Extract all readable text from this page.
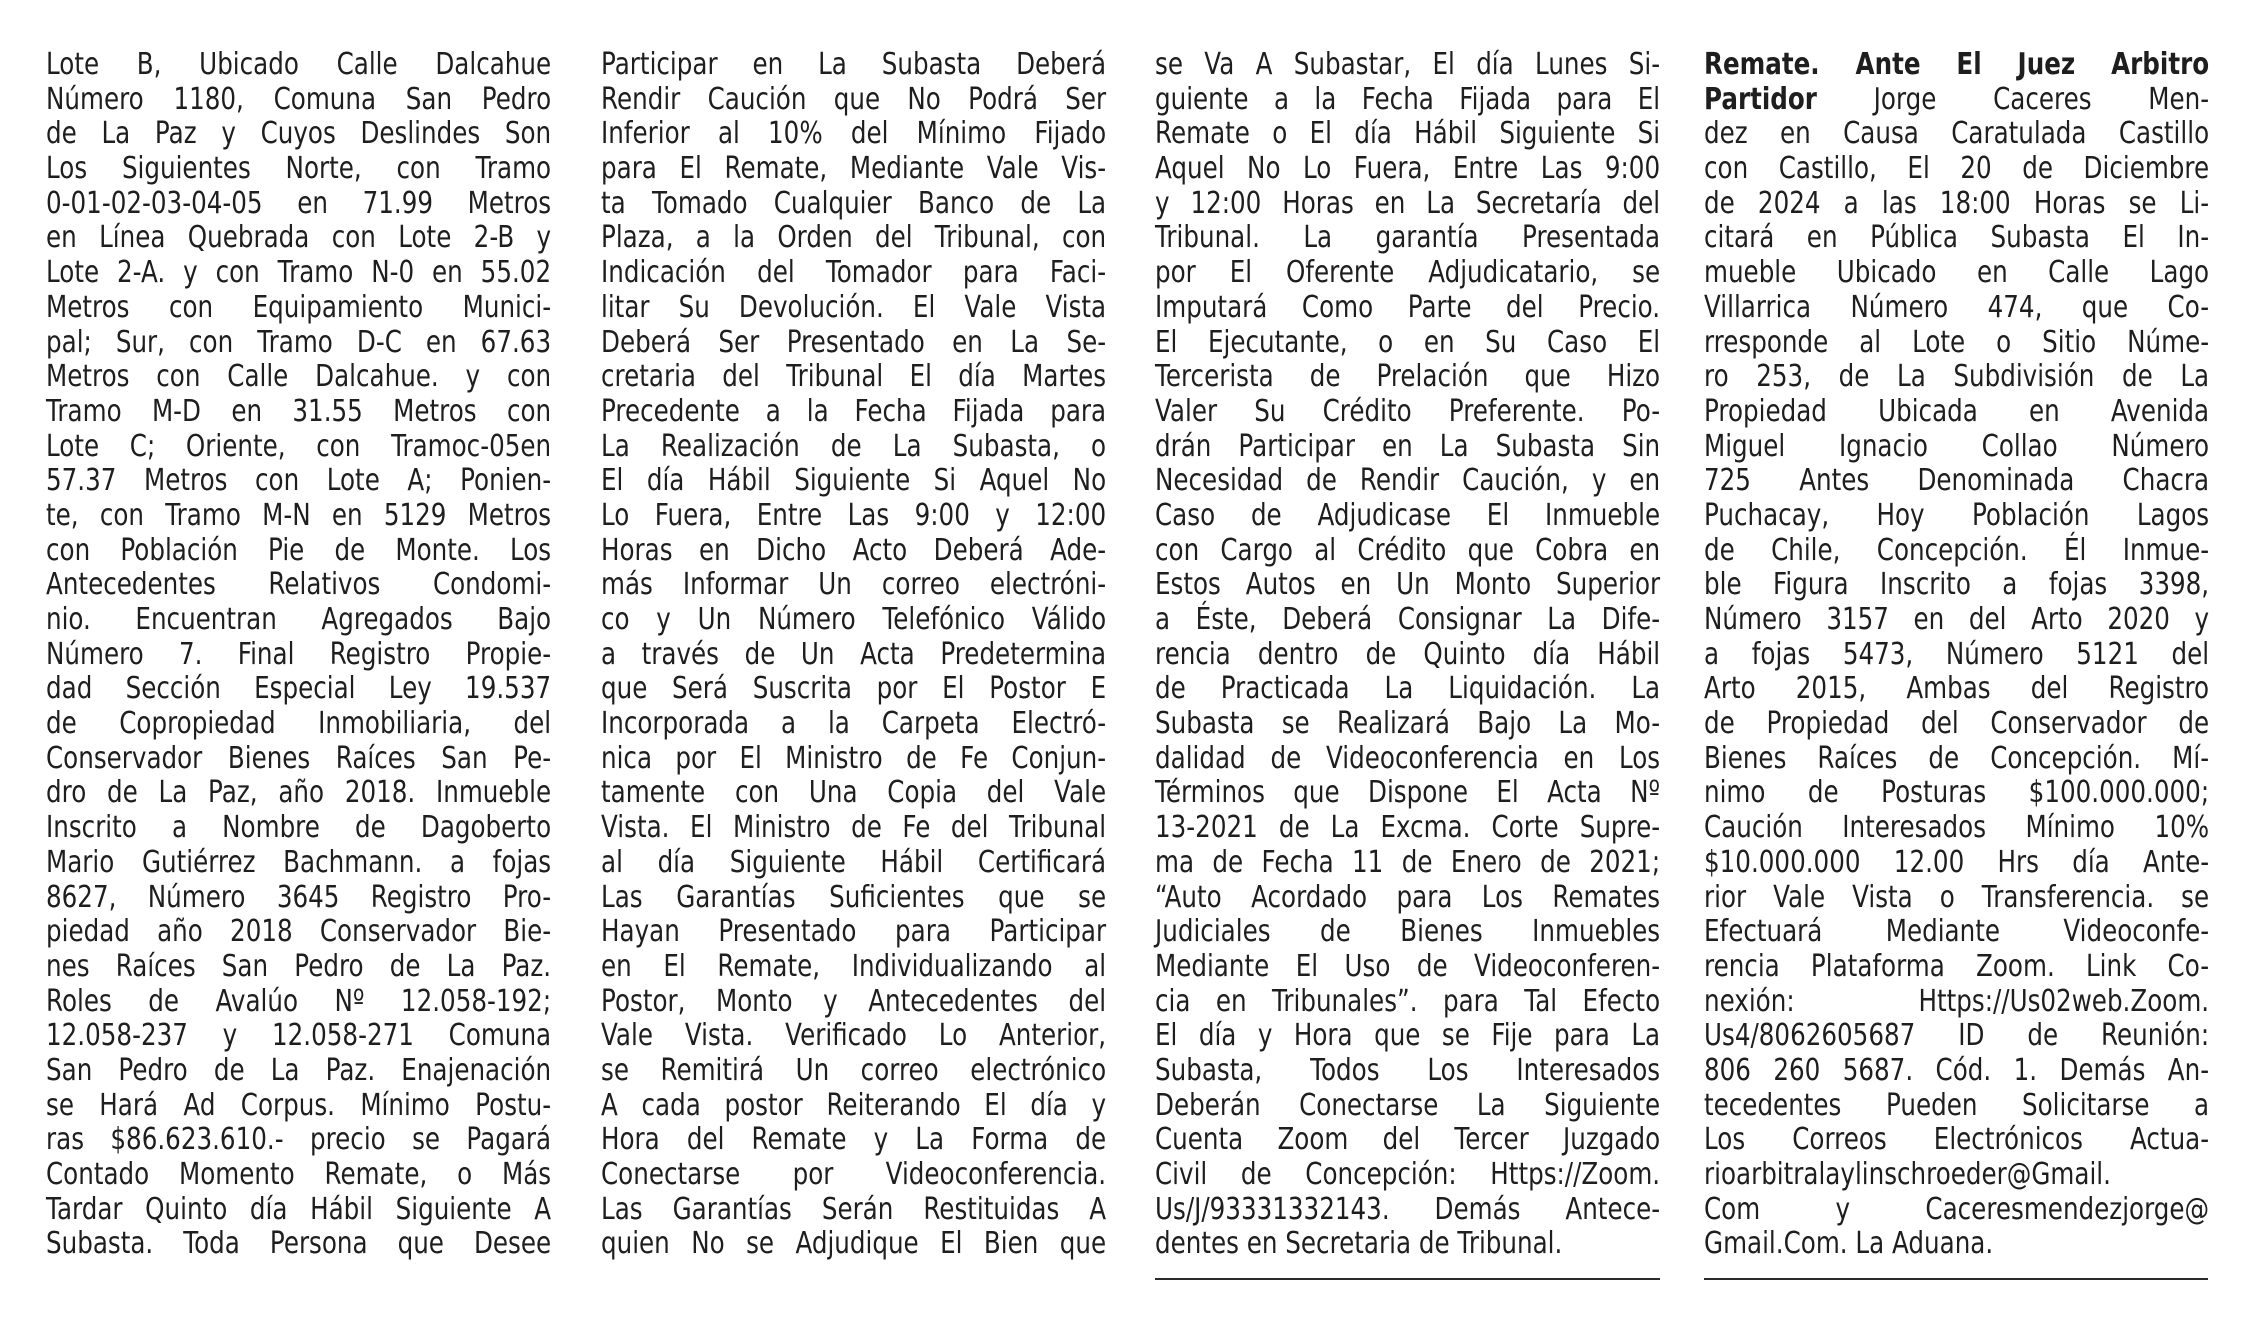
Lote B, Ubicado Calle Dalcahue
Número 1180, Comuna San Pedro
de La Paz y Cuyos Deslindes Son
Los Siguientes Norte, con Tramo
0-01-02-03-04-05 en 71.99 Metros
en Línea Quebrada con Lote 2-B y
Lote 2-A. y con Tramo N-0 en 55.02
Metros con Equipamiento Munici-
pal; Sur, con Tramo D-C en 67.63
Metros con Calle Dalcahue. y con
Tramo M-D en 31.55 Metros con
Lote C; Oriente, con Tramoc-05en
57.37 Metros con Lote A; Ponien-
te, con Tramo M-N en 5129 Metros
con Población Pie de Monte. Los
Antecedentes Relativos Condomi-
nio. Encuentran Agregados Bajo
Número 7. Final Registro Propie-
dad Sección Especial Ley 19.537
de Copropiedad Inmobiliaria, del
Conservador Bienes Raíces San Pe-
dro de La Paz, año 2018. Inmueble
Inscrito a Nombre de Dagoberto
Mario Gutiérrez Bachmann. a fojas
8627, Número 3645 Registro Pro-
piedad año 2018 Conservador Bie-
nes Raíces San Pedro de La Paz.
Roles de Avalúo Nº 12.058-192;
12.058-237 y 12.058-271 Comuna
San Pedro de La Paz. Enajenación
se Hará Ad Corpus. Mínimo Postu-
ras $86.623.610.- precio se Pagará
Contado Momento Remate, o Más
Tardar Quinto día Hábil Siguiente A
Subasta. Toda Persona que Desee
Participar en La Subasta Deberá
Rendir Caución que No Podrá Ser
Inferior al 10% del Mínimo Fijado
para El Remate, Mediante Vale Vis-
ta Tomado Cualquier Banco de La
Plaza, a la Orden del Tribunal, con
Indicación del Tomador para Faci-
litar Su Devolución. El Vale Vista
Deberá Ser Presentado en La Se-
cretaria del Tribunal El día Martes
Precedente a la Fecha Fijada para
La Realización de La Subasta, o
El día Hábil Siguiente Si Aquel No
Lo Fuera, Entre Las 9:00 y 12:00
Horas en Dicho Acto Deberá Ade-
más Informar Un correo electróni-
co y Un Número Telefónico Válido
a través de Un Acta Predetermina
que Será Suscrita por El Postor E
Incorporada a la Carpeta Electró-
nica por El Ministro de Fe Conjun-
tamente con Una Copia del Vale
Vista. El Ministro de Fe del Tribunal
al día Siguiente Hábil Certificará
Las Garantías Suficientes que se
Hayan Presentado para Participar
en El Remate, Individualizando al
Postor, Monto y Antecedentes del
Vale Vista. Verificado Lo Anterior,
se Remitirá Un correo electrónico
A cada postor Reiterando El día y
Hora del Remate y La Forma de
Conectarse por Videoconferencia.
Las Garantías Serán Restituidas A
quien No se Adjudique El Bien que
se Va A Subastar, El día Lunes Si-
guiente a la Fecha Fijada para El
Remate o El día Hábil Siguiente Si
Aquel No Lo Fuera, Entre Las 9:00
y 12:00 Horas en La Secretaría del
Tribunal. La garantía Presentada
por El Oferente Adjudicatario, se
Imputará Como Parte del Precio.
El Ejecutante, o en Su Caso El
Tercerista de Prelación que Hizo
Valer Su Crédito Preferente. Po-
drán Participar en La Subasta Sin
Necesidad de Rendir Caución, y en
Caso de Adjudicase El Inmueble
con Cargo al Crédito que Cobra en
Estos Autos en Un Monto Superior
a Éste, Deberá Consignar La Dife-
rencia dentro de Quinto día Hábil
de Practicada La Liquidación. La
Subasta se Realizará Bajo La Mo-
dalidad de Videoconferencia en Los
Términos que Dispone El Acta Nº
13-2021 de La Excma. Corte Supre-
ma de Fecha 11 de Enero de 2021;
“Auto Acordado para Los Remates
Judiciales de Bienes Inmuebles
Mediante El Uso de Videoconferen-
cia en Tribunales”. para Tal Efecto
El día y Hora que se Fije para La
Subasta, Todos Los Interesados
Deberán Conectarse La Siguiente
Cuenta Zoom del Tercer Juzgado
Civil de Concepción: Https://Zoom.
Us/J/93331332143. Demás Antece-
dentes en Secretaria de Tribunal.
Remate. Ante El Juez Arbitro
Partidor Jorge Caceres Men-
dez en Causa Caratulada Castillo
con Castillo, El 20 de Diciembre
de 2024 a las 18:00 Horas se Li-
citará en Pública Subasta El In-
mueble Ubicado en Calle Lago
Villarrica Número 474, que Co-
rresponde al Lote o Sitio Núme-
ro 253, de La Subdivisión de La
Propiedad Ubicada en Avenida
Miguel Ignacio Collao Número
725 Antes Denominada Chacra
Puchacay, Hoy Población Lagos
de Chile, Concepción. Él Inmue-
ble Figura Inscrito a fojas 3398,
Número 3157 en del Arto 2020 y
a fojas 5473, Número 5121 del
Arto 2015, Ambas del Registro
de Propiedad del Conservador de
Bienes Raíces de Concepción. Mí-
nimo de Posturas $100.000.000;
Caución Interesados Mínimo 10%
$10.000.000 12.00 Hrs día Ante-
rior Vale Vista o Transferencia. se
Efectuará Mediante Videoconfe-
rencia Plataforma Zoom. Link Co-
nexión: Https://Us02web.Zoom.
Us4/8062605687 ID de Reunión:
806 260 5687. Cód. 1. Demás An-
tecedentes Pueden Solicitarse a
Los Correos Electrónicos Actua-
rioarbitralaylinschroeder@Gmail.
Com y Caceresmendezjorge@
Gmail.Com. La Aduana.
